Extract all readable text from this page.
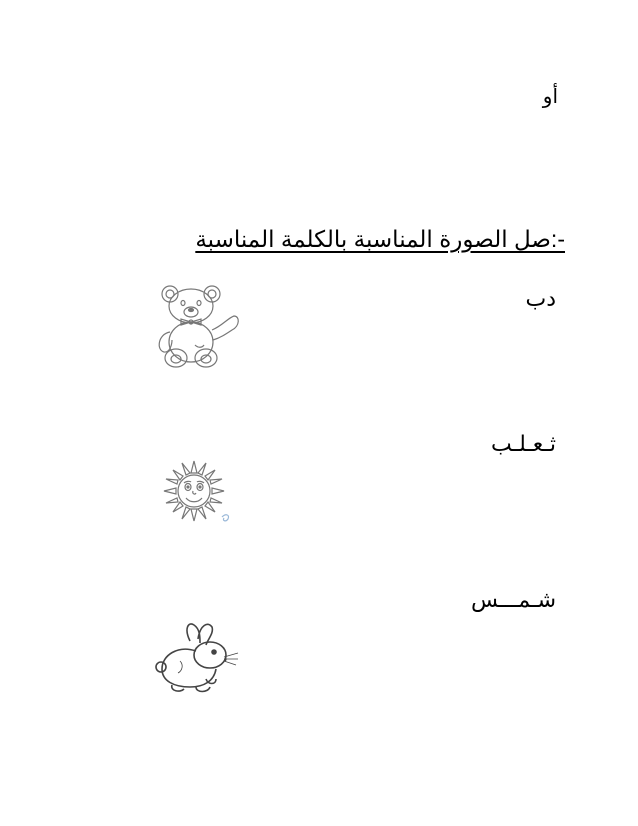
أو
-:صل الصورة المناسبة بالكلمة المناسبة
دب
ثـعـلـب
شـمـــس
